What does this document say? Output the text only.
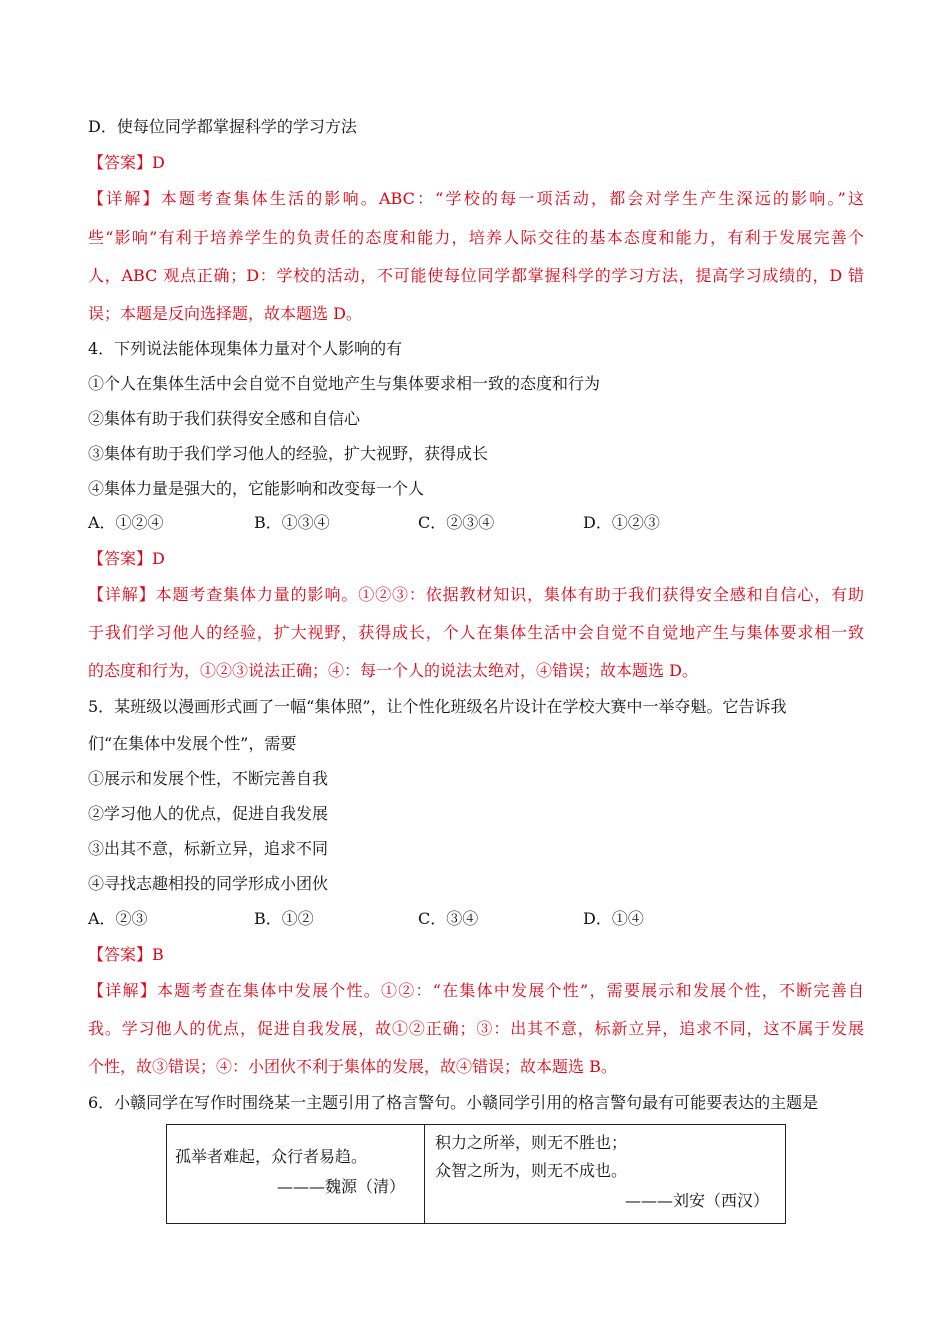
D．使每位同学都掌握科学的学习方法
【答案】D
【详解】本题考查集体生活的影响。ABC：“学校的每一项活动，都会对学生产生深远的影响。”这
些“影响”有利于培养学生的负责任的态度和能力，培养人际交往的基本态度和能力，有利于发展完善个
人，ABC 观点正确；D：学校的活动，不可能使每位同学都掌握科学的学习方法，提高学习成绩的，D 错
误；本题是反向选择题，故本题选 D。
4．下列说法能体现集体力量对个人影响的有
①个人在集体生活中会自觉不自觉地产生与集体要求相一致的态度和行为
②集体有助于我们获得安全感和自信心
③集体有助于我们学习他人的经验，扩大视野，获得成长
④集体力量是强大的，它能影响和改变每一个人
A．①②④	B．①③④	C．②③④	D．①②③
【答案】D
【详解】本题考查集体力量的影响。①②③：依据教材知识，集体有助于我们获得安全感和自信心，有助
于我们学习他人的经验，扩大视野，获得成长，个人在集体生活中会自觉不自觉地产生与集体要求相一致
的态度和行为，①②③说法正确；④：每一个人的说法太绝对，④错误；故本题选 D。
5．某班级以漫画形式画了一幅“集体照”，让个性化班级名片设计在学校大赛中一举夺魁。它告诉我
们“在集体中发展个性”，需要
①展示和发展个性，不断完善自我
②学习他人的优点，促进自我发展
③出其不意，标新立异，追求不同
④寻找志趣相投的同学形成小团伙
A．②③	B．①②	C．③④	D．①④
【答案】B
【详解】本题考查在集体中发展个性。①②：“在集体中发展个性”，需要展示和发展个性，不断完善自
我。学习他人的优点，促进自我发展，故①②正确；③：出其不意，标新立异，追求不同，这不属于发展
个性，故③错误；④：小团伙不利于集体的发展，故④错误；故本题选 B。
6．小赣同学在写作时围绕某一主题引用了格言警句。小赣同学引用的格言警句最有可能要表达的主题是
孤举者难起，众行者易趋。
———魏源（清）

积力之所举，则无不胜也；
众智之所为，则无不成也。
———刘安（西汉）
